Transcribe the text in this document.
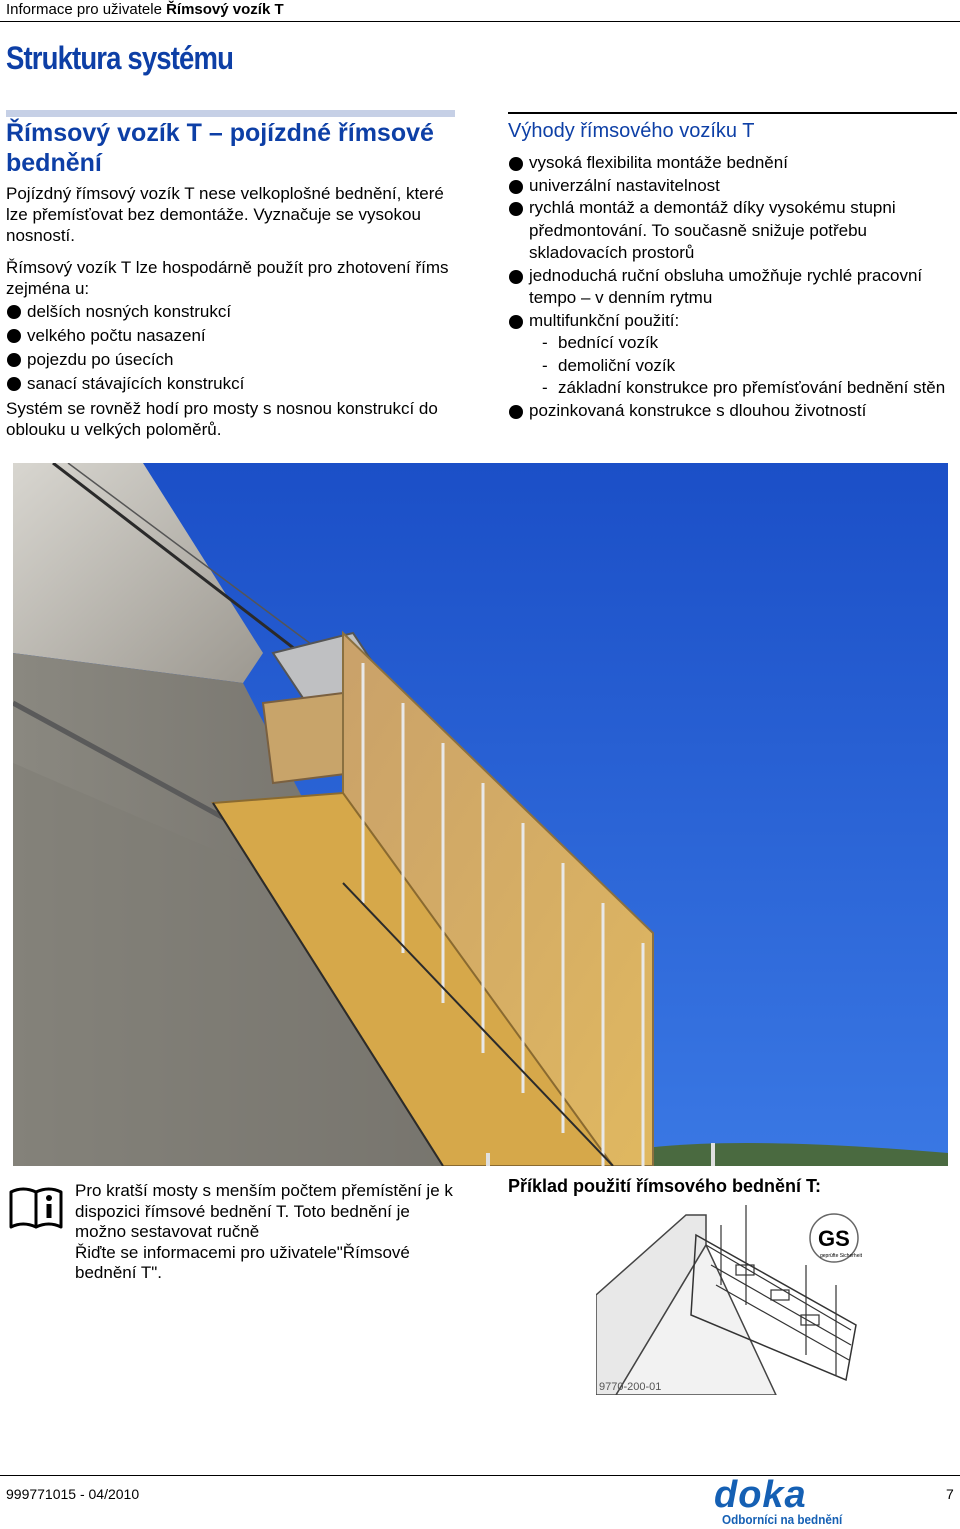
Informace pro uživatele Římsový vozík T
Struktura systému
Římsový vozík T – pojízdné římsové bednění
Pojízdný římsový vozík T nese velkoplošné bednění, které lze přemísťovat bez demontáže. Vyznačuje se vysokou nosností.
Římsový vozík T lze hospodárně použít pro zhotovení říms zejména u:
delších nosných konstrukcí
velkého počtu nasazení
pojezdu po úsecích
sanací stávajících konstrukcí
Systém se rovněž hodí pro mosty s nosnou konstrukcí do oblouku u velkých poloměrů.
Výhody římsového vozíku T
vysoká flexibilita montáže bednění
univerzální nastavitelnost
rychlá montáž a demontáž díky vysokému stupni předmontování. To současně snižuje potřebu skladovacích prostorů
jednoduchá ruční obsluha umožňuje rychlé pracovní tempo – v denním rytmu
multifunkční použití:
- bednící vozík
- demoliční vozík
- základní konstrukce pro přemísťování bednění stěn
pozinkovaná konstrukce s dlouhou životností
Pro kratší mosty s menším počtem přemístění je k dispozici římsové bednění T. Toto bednění je možno sestavovat ručně
Řiďte se informacemi pro uživatele"Římsové bednění T".
Příklad použití římsového bednění T:
GS
geprüfte Sicherheit
9770-200-01
999771015 - 04/2010	doka
Odborníci na bednění
7
